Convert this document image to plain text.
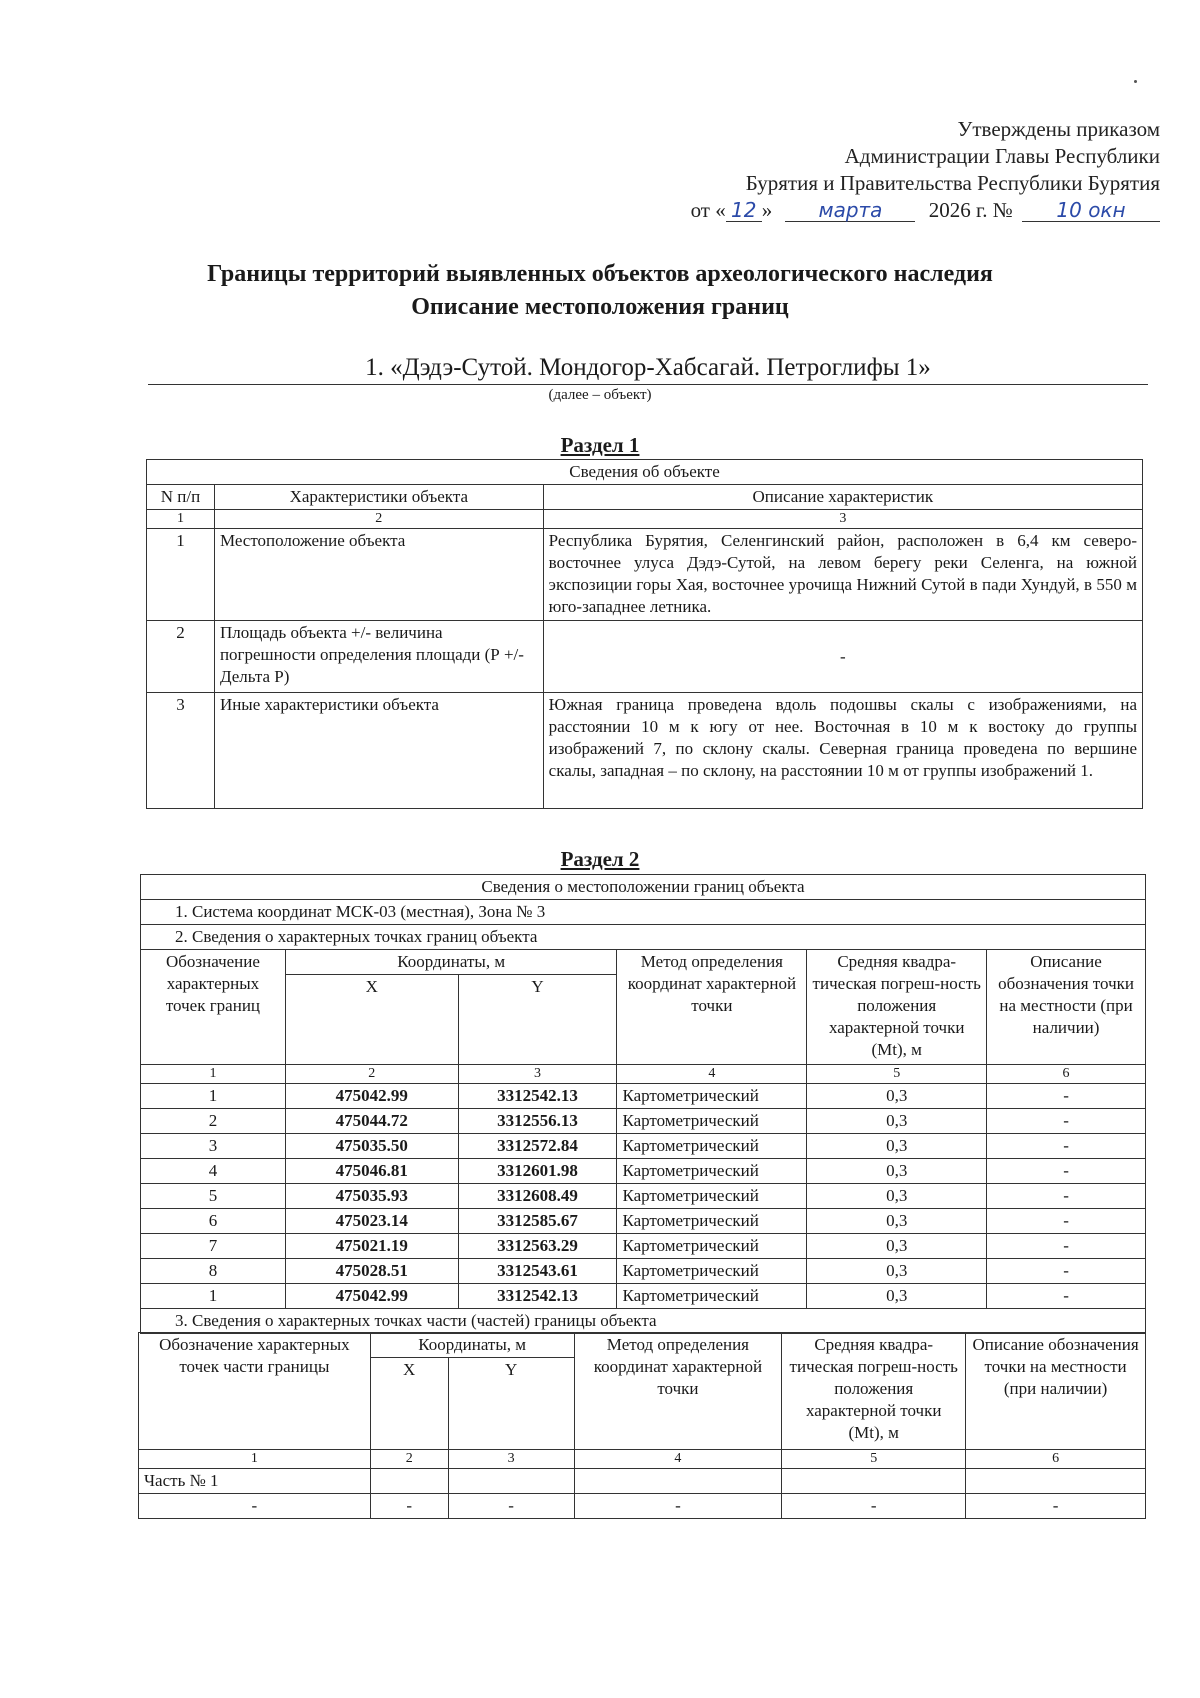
Утверждены приказом
Администрации Главы Республики
Бурятия и Правительства Республики Бурятия
от « 12 » марта 2026 г. № 10 окн
Границы территорий выявленных объектов археологического наследия
Описание местоположения границ
1. «Дэдэ-Сутой. Мондогор-Хабсагай. Петроглифы 1»
(далее – объект)
Раздел 1
Сведения об объекте		
N п/п	Характеристики объекта	Описание характеристик
1	2	3
1	Местоположение объекта	Республика Бурятия, Селенгинский район, расположен в 6,4 км северо-восточнее улуса Дэдэ-Сутой, на левом берегу реки Селенга, на южной экспозиции горы Хая, восточнее урочища Нижний Сутой в пади Хундуй, в 550 м юго-западнее летника.
2	Площадь объекта +/- величина погрешности определения площади (Р +/- Дельта Р)	-
3	Иные характеристики объекта	Южная граница проведена вдоль подошвы скалы с изображениями, на расстоянии 10 м к югу от нее. Восточная в 10 м к востоку до группы изображений 7, по склону скалы. Северная граница проведена по вершине скалы, западная – по склону, на расстоянии 10 м от группы изображений 1.
Раздел 2
Сведения о местоположении границ объекта					
1. Система координат МСК-03 (местная), Зона № 3					
2. Сведения о характерных точках границ объекта					
Обозначение характерных точек границ	Координаты, м		Метод определения координат характерной точки	Средняя квадра-тическая погреш-ность положения характерной точки (Mt), м	Описание обозначения точки на местности (при наличии)
	X	Y			
1	2	3	4	5	6
1	475042.99	3312542.13	Картометрический	0,3	-
2	475044.72	3312556.13	Картометрический	0,3	-
3	475035.50	3312572.84	Картометрический	0,3	-
4	475046.81	3312601.98	Картометрический	0,3	-
5	475035.93	3312608.49	Картометрический	0,3	-
6	475023.14	3312585.67	Картометрический	0,3	-
7	475021.19	3312563.29	Картометрический	0,3	-
8	475028.51	3312543.61	Картометрический	0,3	-
1	475042.99	3312542.13	Картометрический	0,3	-
3. Сведения о характерных точках части (частей) границы объекта					
Обозначение характерных точек части границы	Координаты, м		Метод определения координат характерной точки	Средняя квадра-тическая погреш-ность положения характерной точки (Mt), м	Описание обозначения точки на местности (при наличии)
	X	Y			
1	2	3	4	5	6
Часть № 1					
-	-	-	-	-	-
